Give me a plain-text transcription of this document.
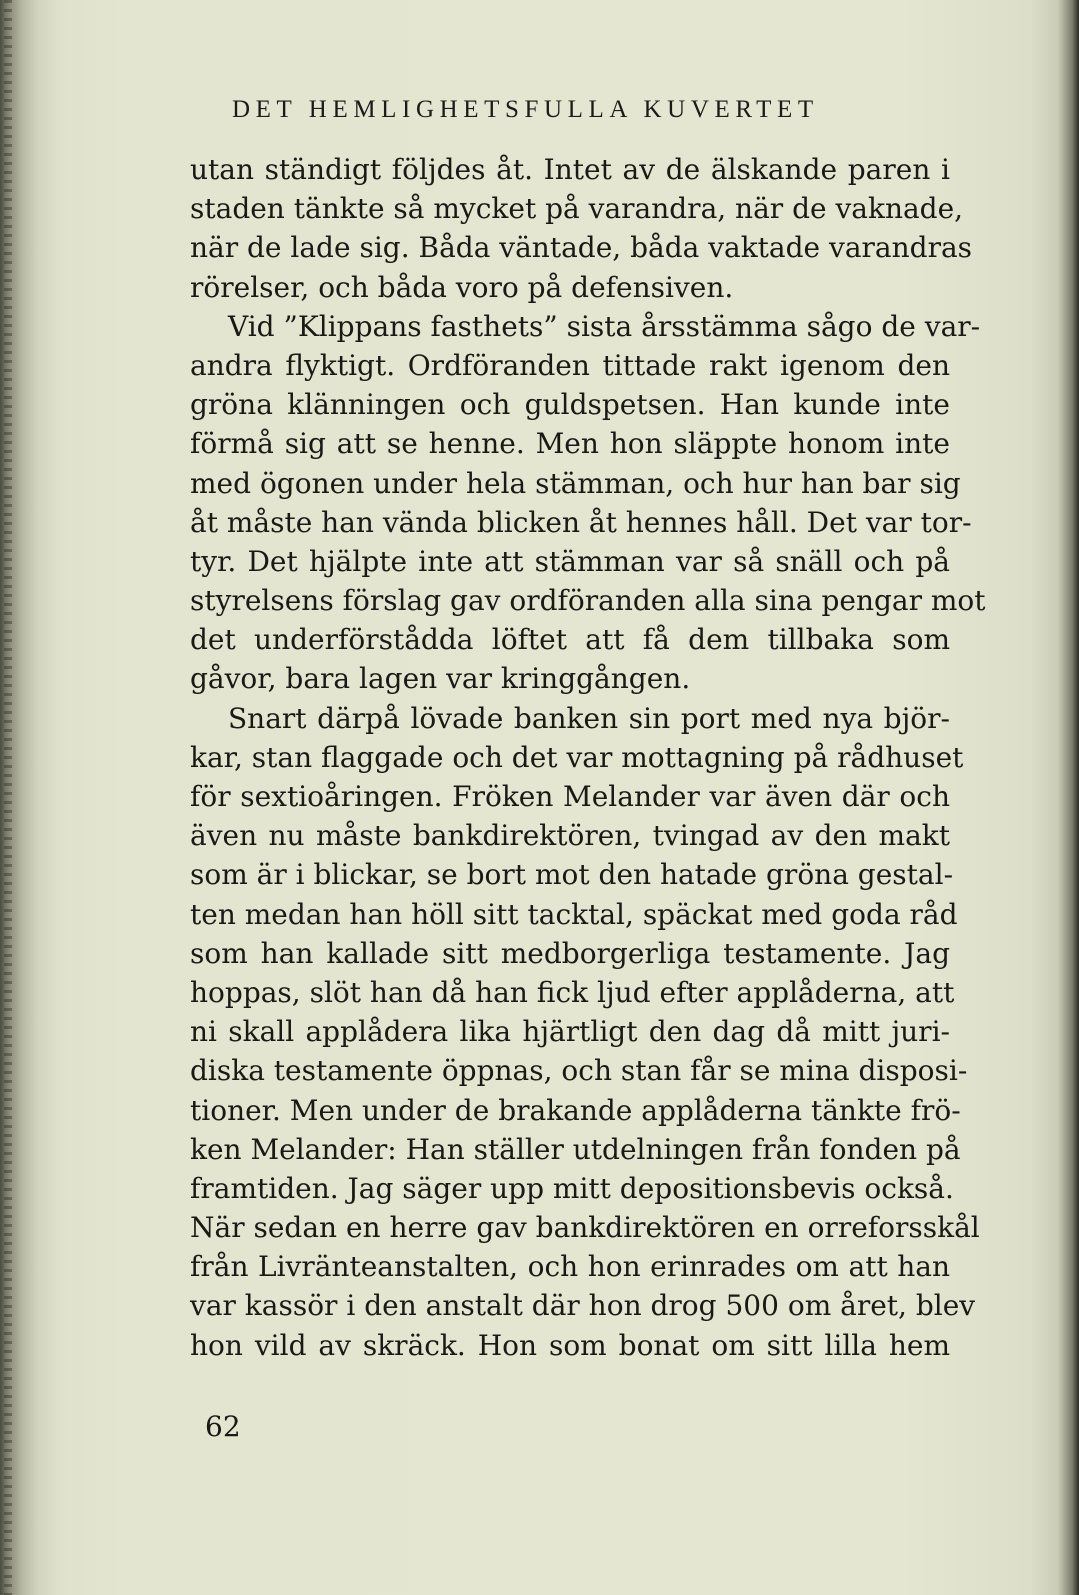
DET HEMLIGHETSFULLA KUVERTET
utan ständigt följdes åt. Intet av de älskande paren i
staden tänkte så mycket på varandra, när de vaknade,
när de lade sig. Båda väntade, båda vaktade varandras
rörelser, och båda voro på defensiven.
Vid ”Klippans fasthets” sista årsstämma sågo de var-
andra flyktigt. Ordföranden tittade rakt igenom den
gröna klänningen och guldspetsen. Han kunde inte
förmå sig att se henne. Men hon släppte honom inte
med ögonen under hela stämman, och hur han bar sig
åt måste han vända blicken åt hennes håll. Det var tor-
tyr. Det hjälpte inte att stämman var så snäll och på
styrelsens förslag gav ordföranden alla sina pengar mot
det underförstådda löftet att få dem tillbaka som
gåvor, bara lagen var kringgången.
Snart därpå lövade banken sin port med nya björ-
kar, stan flaggade och det var mottagning på rådhuset
för sextioåringen. Fröken Melander var även där och
även nu måste bankdirektören, tvingad av den makt
som är i blickar, se bort mot den hatade gröna gestal-
ten medan han höll sitt tacktal, späckat med goda råd
som han kallade sitt medborgerliga testamente. Jag
hoppas, slöt han då han fick ljud efter applåderna, att
ni skall applådera lika hjärtligt den dag då mitt juri-
diska testamente öppnas, och stan får se mina disposi-
tioner. Men under de brakande applåderna tänkte frö-
ken Melander: Han ställer utdelningen från fonden på
framtiden. Jag säger upp mitt depositionsbevis också.
När sedan en herre gav bankdirektören en orreforsskål
från Livränteanstalten, och hon erinrades om att han
var kassör i den anstalt där hon drog 500 om året, blev
hon vild av skräck. Hon som bonat om sitt lilla hem
62
